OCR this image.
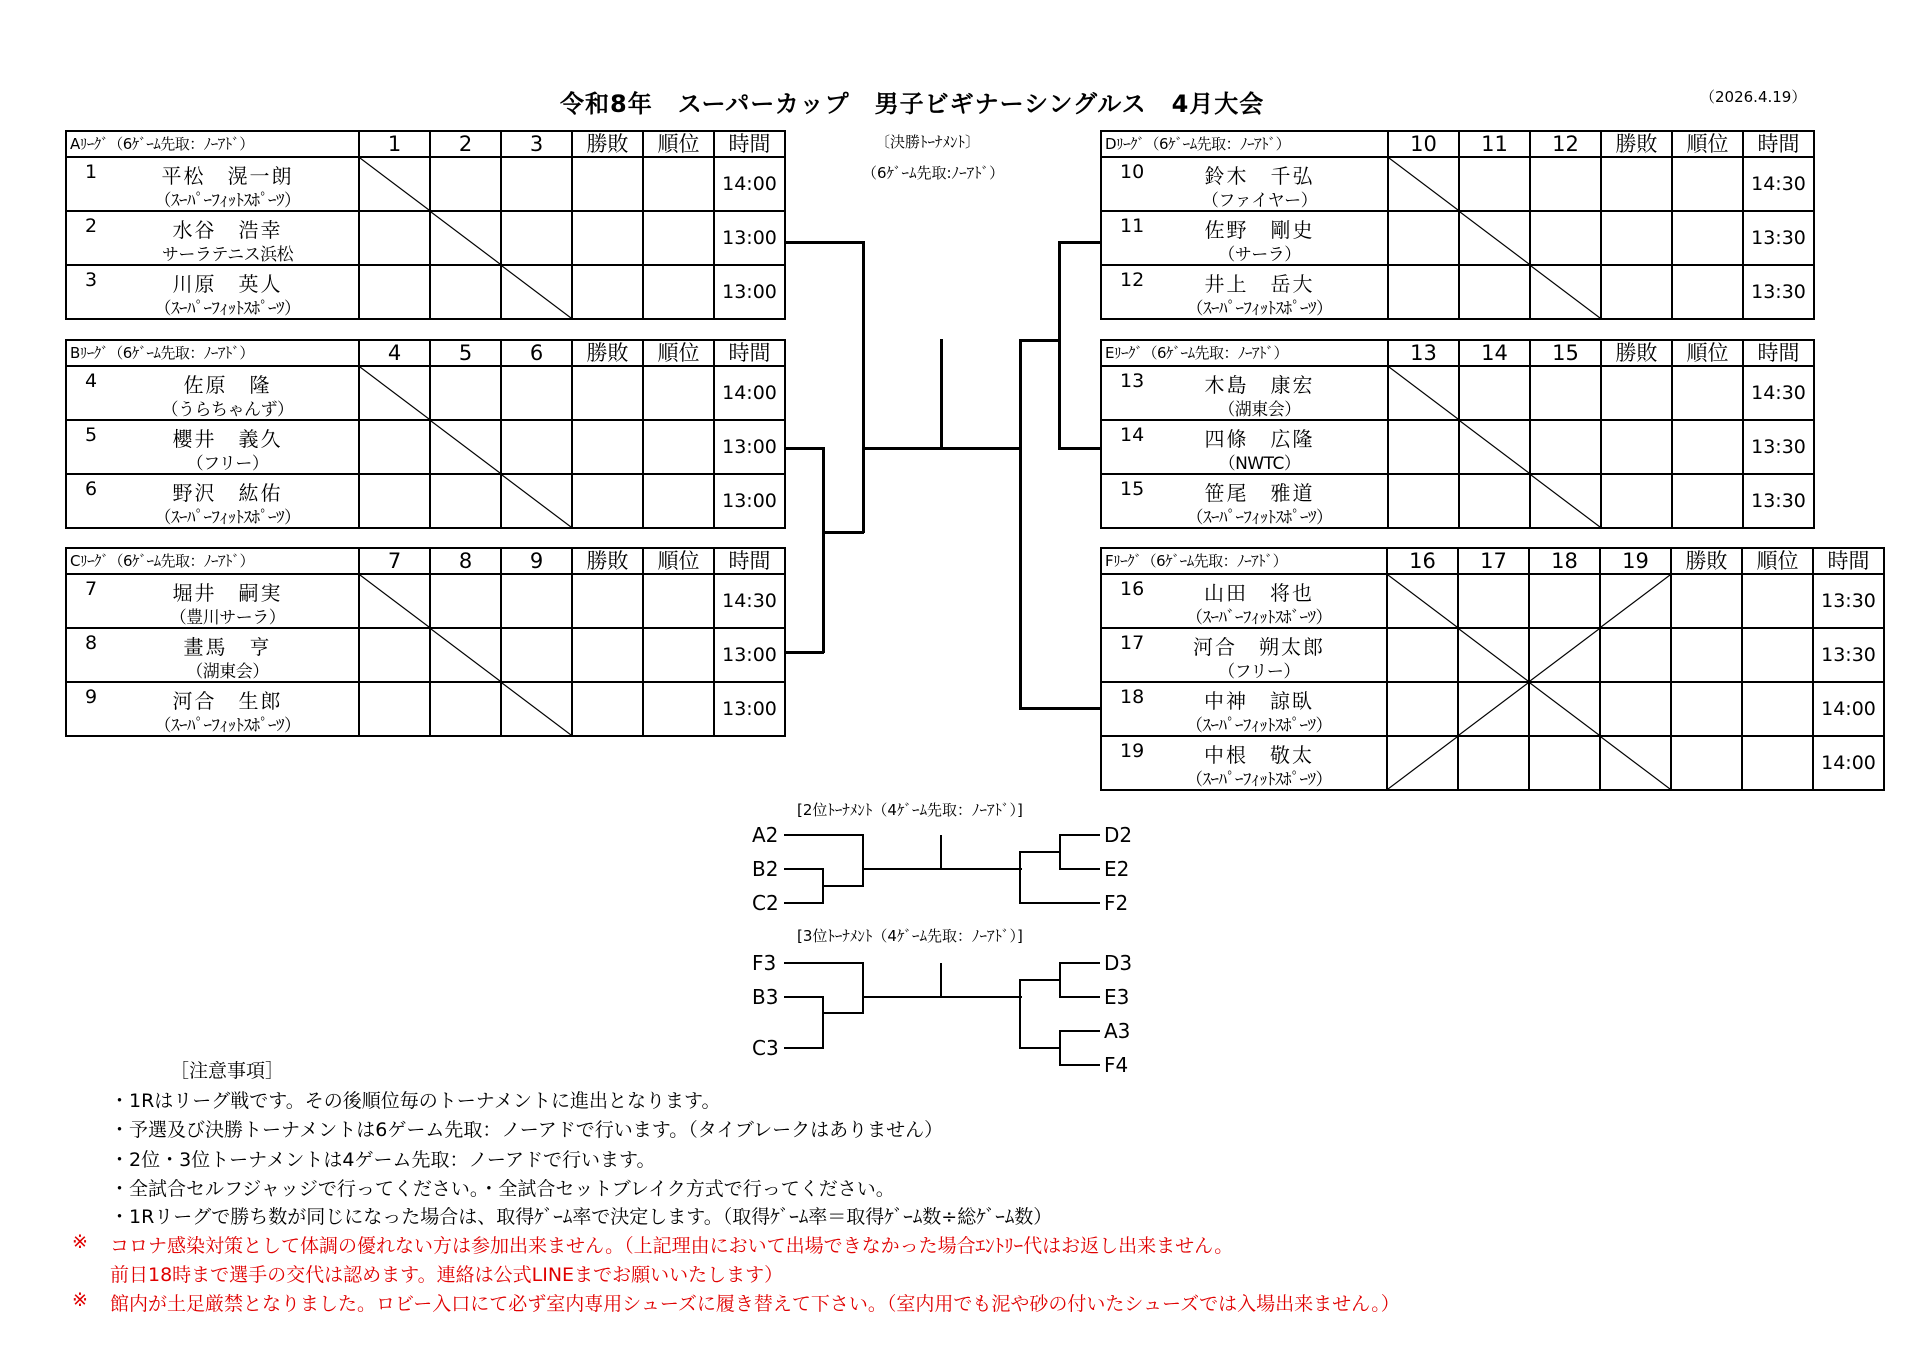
令和8年　スーパーカップ　男子ビギナーシングルス　4月大会	（2026.4.19）
Aﾘｰｸﾞ（6ｹﾞｰﾑ先取：ﾉｰｱﾄﾞ）	1	2	3	勝敗	順位	時間

1 平松　滉一朗
（ｽｰﾊﾟｰﾌｨｯﾄｽﾎﾟｰﾂ）						14:00

2 水谷　浩幸
サーラテニス浜松						13:00

3 川原　英人
（ｽｰﾊﾟｰﾌｨｯﾄｽﾎﾟｰﾂ）						13:00
Bﾘｰｸﾞ（6ｹﾞｰﾑ先取：ﾉｰｱﾄﾞ）	4	5	6	勝敗	順位	時間

4 佐原　隆
（うらちゃんず）						14:00

5 櫻井　義久
（フリー）						13:00

6 野沢　紘佑
（ｽｰﾊﾟｰﾌｨｯﾄｽﾎﾟｰﾂ）						13:00
Cﾘｰｸﾞ（6ｹﾞｰﾑ先取：ﾉｰｱﾄﾞ）	7	8	9	勝敗	順位	時間

7 堀井　嗣実
（豊川サーラ）						14:30

8 畫馬　亨
（湖東会）						13:00

9 河合　生郎
（ｽｰﾊﾟｰﾌｨｯﾄｽﾎﾟｰﾂ）						13:00
Dﾘｰｸﾞ（6ｹﾞｰﾑ先取：ﾉｰｱﾄﾞ）	10	11	12	勝敗	順位	時間

10 鈴木　千弘
（ファイヤー）						14:30

11 佐野　剛史
（サーラ）						13:30

12 井上　岳大
（ｽｰﾊﾟｰﾌｨｯﾄｽﾎﾟｰﾂ）						13:30
Eﾘｰｸﾞ（6ｹﾞｰﾑ先取：ﾉｰｱﾄﾞ）	13	14	15	勝敗	順位	時間

13 木島　康宏
（湖東会）						14:30

14 四條　広隆
（NWTC）						13:30

15 笹尾　雅道
（ｽｰﾊﾟｰﾌｨｯﾄｽﾎﾟｰﾂ）						13:30
Fﾘｰｸﾞ（6ｹﾞｰﾑ先取：ﾉｰｱﾄﾞ）	16	17	18	19	勝敗	順位	時間

16 山田　将也
（ｽｰﾊﾞｰﾌｨｯﾄｽﾎﾞｰﾂ）							13:30

17 河合　朔太郎
（フリー）							13:30

18 中神　諒臥
（ｽｰﾊﾟｰﾌｨｯﾄｽﾎﾟｰﾂ）							14:00

19 中根　敬太
（ｽｰﾊﾟｰﾌｨｯﾄｽﾎﾟｰﾂ）							14:00
〔決勝ﾄｰﾅﾒﾝﾄ〕
（6ｹﾞｰﾑ先取:ﾉｰｱﾄﾞ）
[2位ﾄｰﾅﾒﾝﾄ（4ｹﾞｰﾑ先取：ﾉｰｱﾄﾞ）]
A2
B2
C2
D2
E2
F2
[3位ﾄｰﾅﾒﾝﾄ（4ｹﾞｰﾑ先取：ﾉｰｱﾄﾞ）]
F3
B3
C3
D3
E3
A3
F4
［注意事項］
・1Rはリーグ戦です。その後順位毎のトーナメントに進出となります。
・予選及び決勝トーナメントは6ゲーム先取：ノーアドで行います。（タイブレークはありません）
・2位・3位トーナメントは4ゲーム先取：ノーアドで行います。
・全試合セルフジャッジで行ってください。・全試合セットブレイク方式で行ってください。
・1Rリーグで勝ち数が同じになった場合は、取得ｹﾞｰﾑ率で決定します。（取得ｹﾞｰﾑ率＝取得ｹﾞｰﾑ数÷総ｹﾞｰﾑ数）
※ コロナ感染対策として体調の優れない方は参加出来ません。（上記理由において出場できなかった場合ｴﾝﾄﾘｰ代はお返し出来ません。
前日18時まで選手の交代は認めます。連絡は公式LINEまでお願いいたします）
※ 館内が土足厳禁となりました。ロビー入口にて必ず室内専用シューズに履き替えて下さい。（室内用でも泥や砂の付いたシューズでは入場出来ません。）
